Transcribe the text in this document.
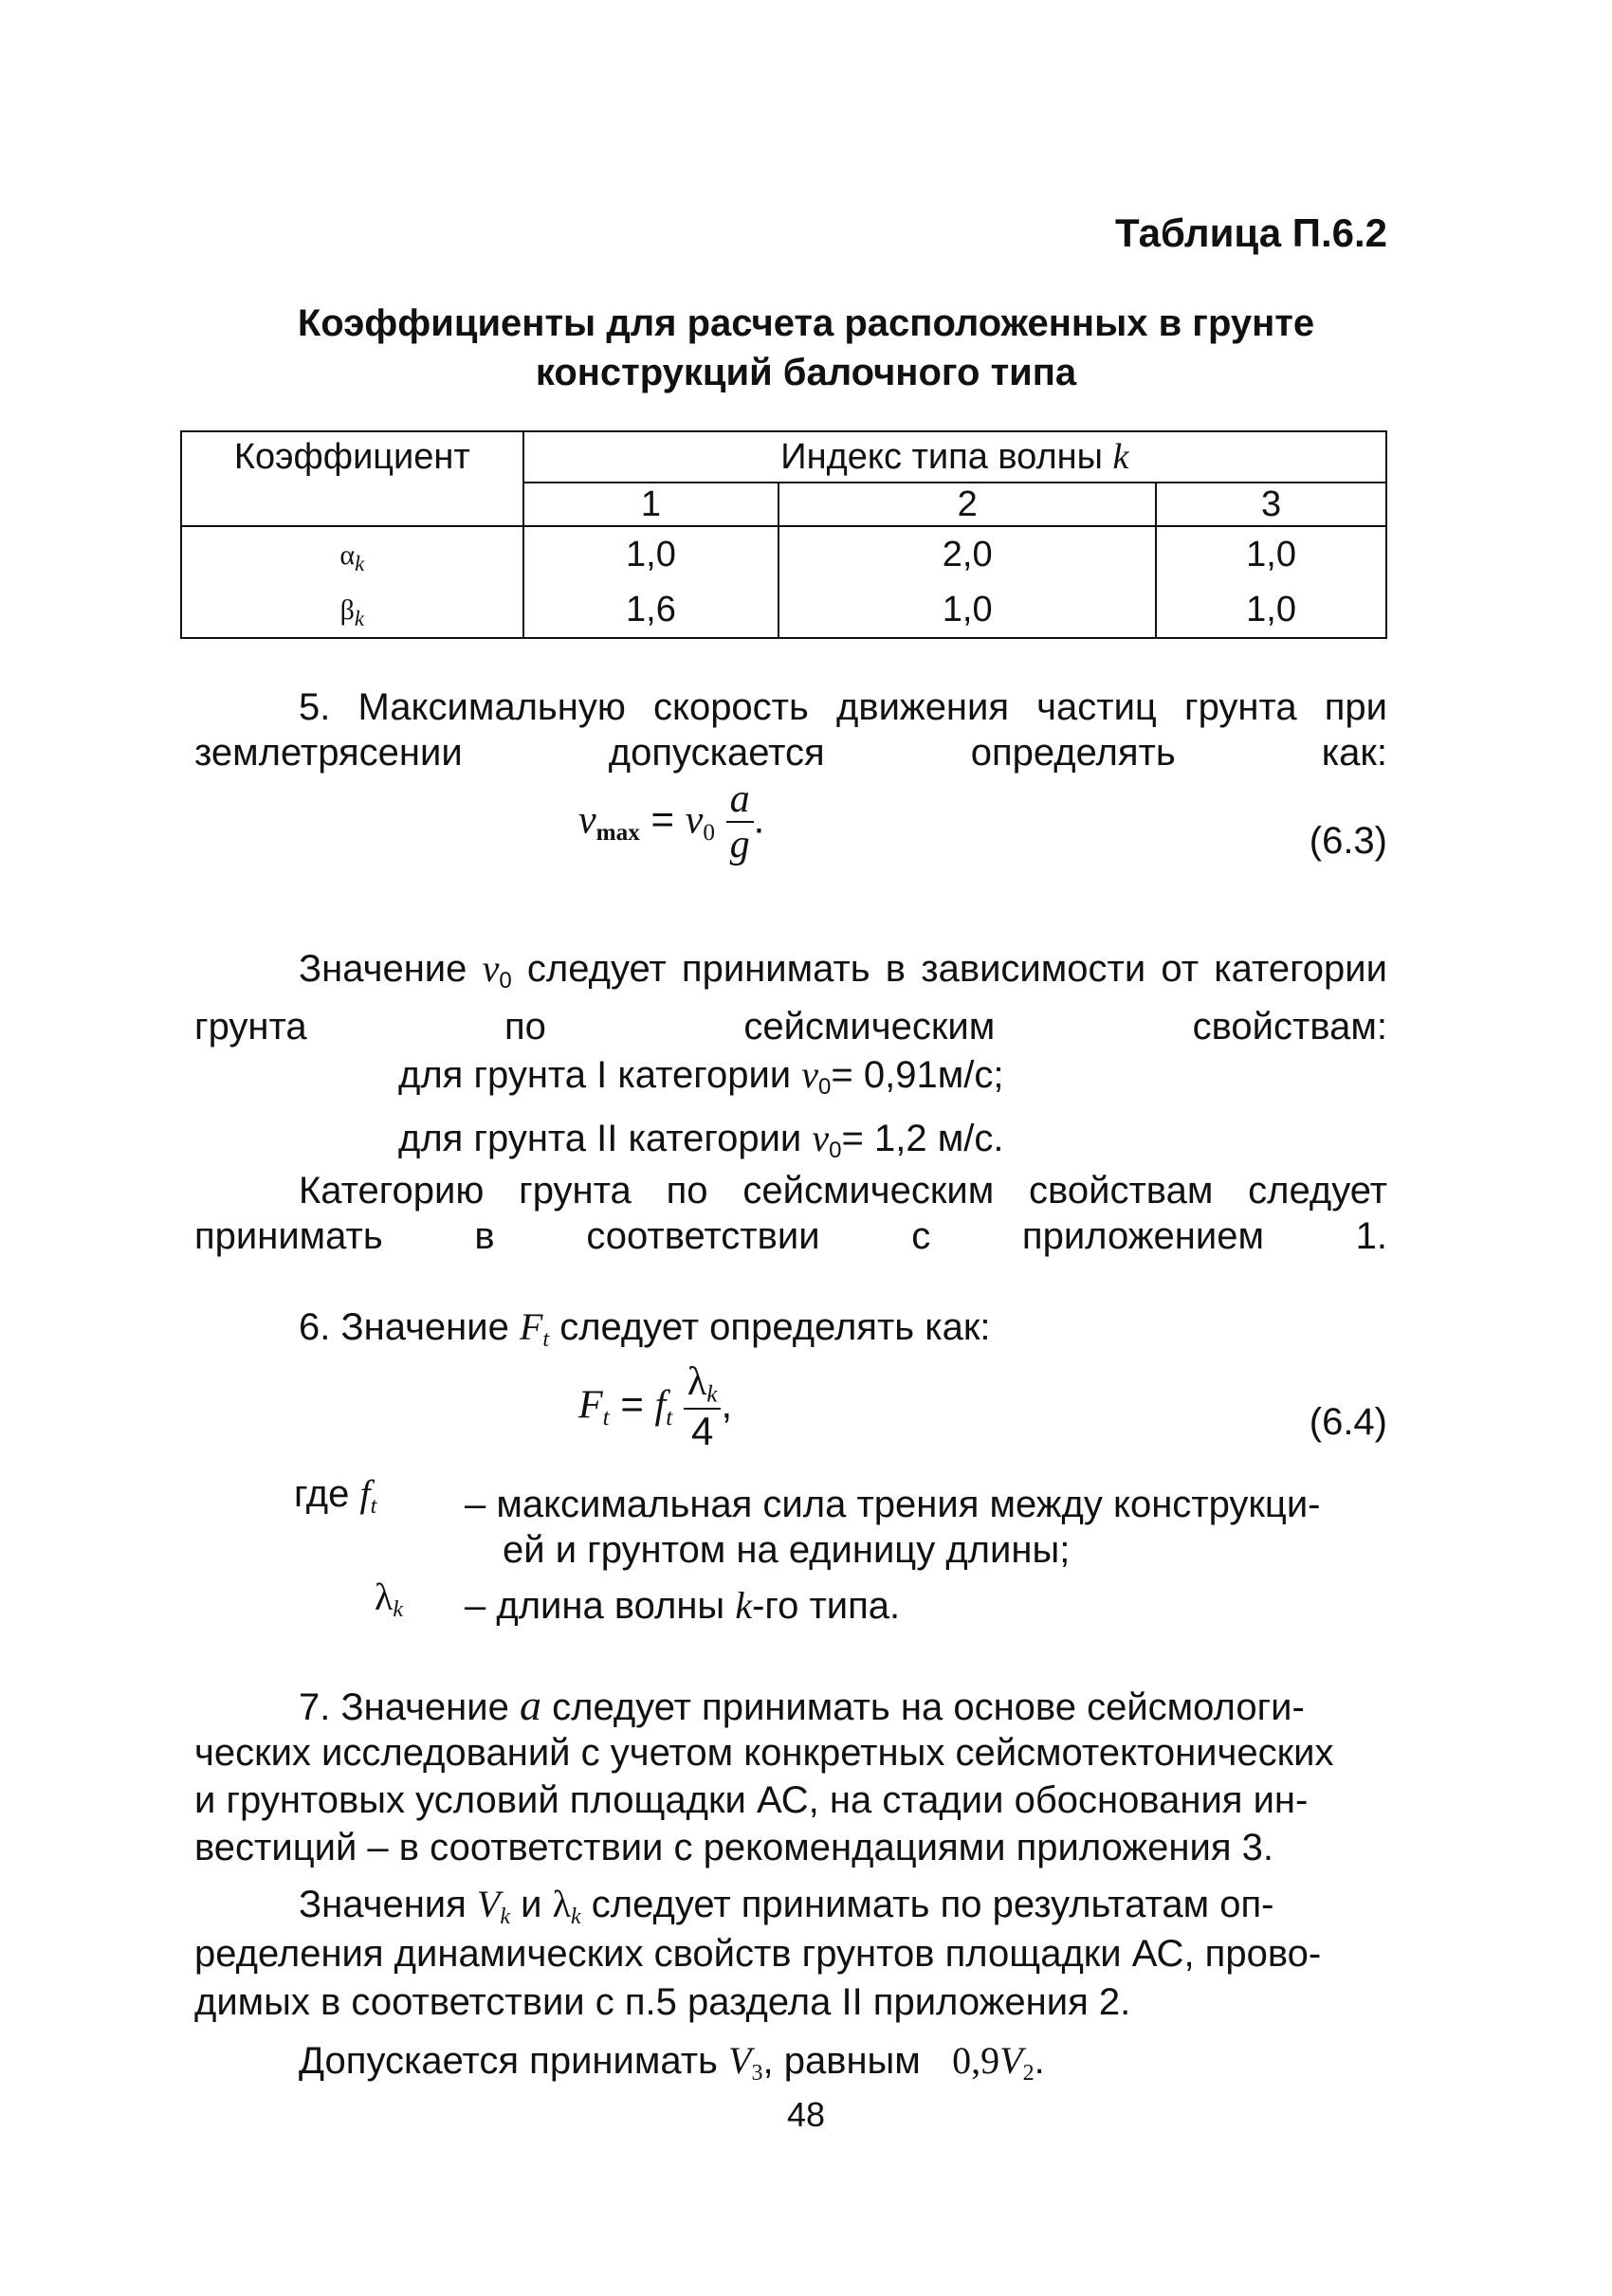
Таблица П.6.2
Коэффициенты для расчета расположенных в грунте конструкций балочного типа
Коэффициент	Индекс типа волны k		
	1	2	3
$\alpha_k$	1,0	2,0	1,0
$\beta_k$	1,6	1,0	1,0
5. Максимальную скорость движения частиц грунта при землетрясении допускается определять как:
$v_{max} = v_0 \frac{a}{g}$ .	(6.3)
Значение $v_0$ следует принимать в зависимости от категории грунта по сейсмическим свойствам:
для грунта I категории $v_0= 0,91м/с$;
для грунта II категории $v_0= 1,2$ м/с.
Категорию грунта по сейсмическим свойствам следует принимать в соответствии с приложением 1.
6. Значение $F_t$ следует определять как:
$F_t = f_t \frac{\lambda_k}{4}$ ,	(6.4)
где $f_t$ – максимальная сила трения между конструкци-
ей и грунтом на единицу длины;
$\lambda_k$ – длина волны k-го типа.
7. Значение a следует принимать на основе сейсмологи-
ческих исследований с учетом конкретных сейсмотектонических
и грунтовых условий площадки АС, на стадии обоснования ин-
вестиций – в соответствии с рекомендациями приложения 3.
Значения $V_k$ и $\lambda_k$ следует принимать по результатам оп-
ределения динамических свойств грунтов площадки АС, прово-
димых в соответствии с п.5 раздела II приложения 2.
Допускается принимать $V_3$, равным $0,9V_2$.
48
